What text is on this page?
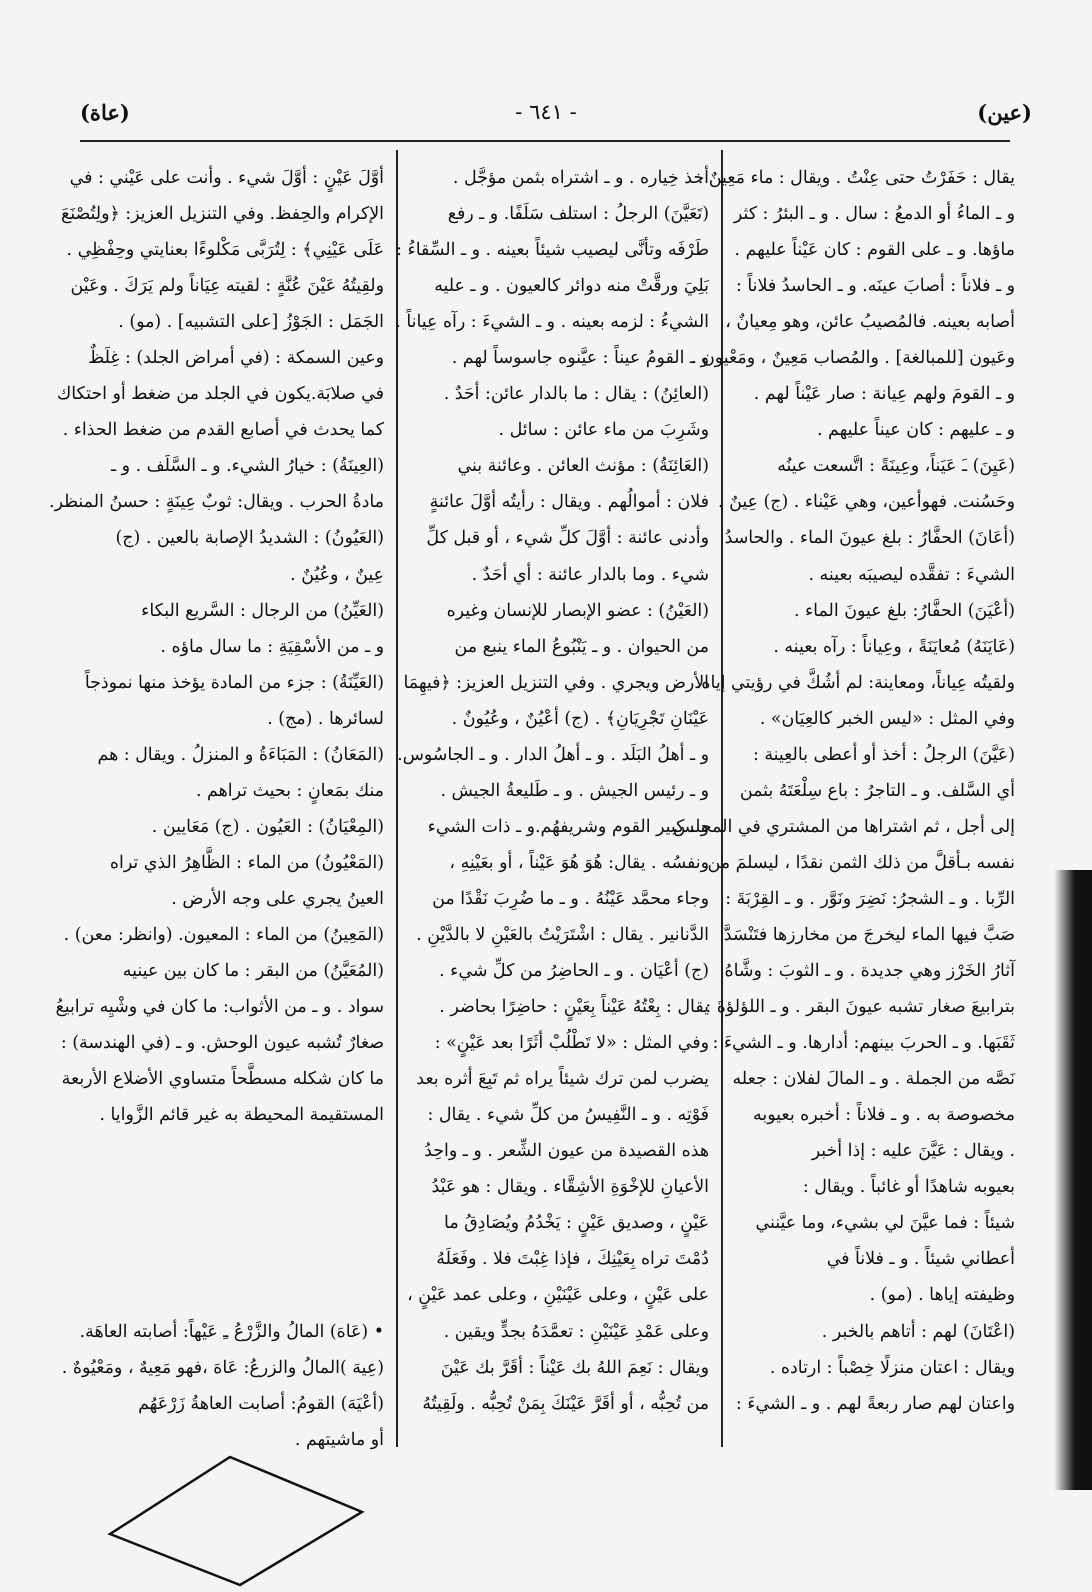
(عين)
- ٦٤١ -
(عاة)
يقال : حَفَرْتُ حتى عِنْتُ . ويقال : ماء مَعِينٌ .
و ـ الماءُ أو الدمعُ : سال . و ـ البئرُ : كثر
ماؤها. و ـ على القوم : كان عَيْناً عليهم .
و ـ فلاناً : أصابَ عينَه. و ـ الحاسدُ فلاناً :
أصابه بعينه. فالمُصيبُ عائن، وهو مِعيانٌ ،
وعَيون [للمبالغة] . والمُصاب مَعِينٌ ، ومَعْيون .
و ـ القومَ ولهم عِيانة : صار عَيْناً لهم .
و ـ عليهم : كان عيناً عليهم .
(عَيِنَ) ـَ عَيَناً، وعِينَةً : اتَّسعت عينُه
وحَسُنت. فهوأعين، وهي عَيْناء . (ج) عِينٌ .
(أعَانَ) الحفَّارُ : بلغ عيونَ الماء . والحاسدُ
الشيءَ : تفقَّده ليصيبَه بعينه .
(أعْيَنَ) الحفَّارُ: بلغ عيونَ الماء .
(عَايَنَهُ) مُعايَنَةً ، وعِياناً : رآه بعينه .
ولقيتُه عِياناً، ومعاينة: لم أشُكَّ في رؤيتي إياه.
وفي المثل : «ليس الخبر كالعِيَان» .
(عَيَّنَ) الرجلُ : أخذ أو أعطى بالعِينة :
أي السَّلف. و ـ التاجرُ : باع سِلْعَتَهُ بثمن
إلى أجل ، ثم اشتراها من المشتري في المجلس
نفسه بـأقلَّ من ذلك الثمن نقدًا ، ليسلمَ من
الرِّبا . و ـ الشجرُ: نَضِرَ ونَوَّر . و ـ القِرْبَةَ :
صَبَّ فيها الماء ليخرجَ من مخارزها فتَنْسَدَّ
آثارُ الخَرْز وهي جديدة . و ـ الثوبَ : وشَّاهُ
بترابيعَ صغار تشبه عيونَ البقر . و ـ اللؤلؤةَ :
ثَقَبَها. و ـ الحربَ بينهم: أدارها. و ـ الشيءَ :
نَصَّه من الجملة . و ـ المالَ لفلان : جعله
مخصوصة به . و ـ فلاناً : أخبره بعيوبه
. ويقال : عَيَّنَ عليه : إذا أخبر
بعيوبه شاهدًا أو غائباً . ويقال :
شيئاً : فما عيَّنَ لي بشيء، وما عيَّنني
أعطاني شيئاً . و ـ فلاناً في
وظيفته إياها . (مو) .
(اعْتَانَ) لهم : أتاهم بالخبر .
ويقال : اعتان منزلًا خِصْباً : ارتاده .
واعتان لهم صار ربعةً لهم . و ـ الشيءَ :
أخذ خِياره . و ـ اشتراه بثمن مؤجَّل .
(تَعَيَّنَ) الرجلُ : استلف سَلَفًا. و ـ رفع
طَرْفَه وتأنَّى ليصيب شيئاً بعينه . و ـ السِّقاءُ :
بَلِيَ ورقَّتْ منه دوائر كالعيون . و ـ عليه
الشيءُ : لزمه بعينه . و ـ الشيءَ : رآه عِياناً .
و ـ القومُ عيناً : عيَّنوه جاسوساً لهم .
(العائِنُ) : يقال : ما بالدار عائن: أحَدٌ .
وشَرِبَ من ماء عائن : سائل .
(العَائِنَةُ) : مؤنث العائن . وعائنة بني
فلان : أموالُهم . ويقال : رأيتُه أوَّلَ عائنةٍ
وأدنى عائنة : أوَّلَ كلِّ شيء ، أو قبل كلِّ
شيء . وما بالدار عائنة : أي أحَدٌ .
(العَيْنُ) : عضو الإبصار للإنسان وغيره
من الحيوان . و ـ يَنْبُوعُ الماء ينبع من
الأرض ويجري . وفي التنزيل العزيز: ﴿فيهِمَا
عَيْنَانِ تَجْرِيَانِ﴾ . (ج) أعْيُنٌ ، وعُيُونٌ .
و ـ أهلُ البَلَد . و ـ أهلُ الدار . و ـ الجاسُوس.
و ـ رئيس الجيش . و ـ طَليعةُ الجيش .
و ـ كبير القوم وشريفهُم.و ـ ذات الشيء
ونفسُه . يقال: هُوَ هُوَ عَيْناً ، أو بعَيْنِهِ ،
وجاء محمَّد عَيْنُهُ . و ـ ما ضُرِبَ نَقْدًا من
الدَّنانير . يقال : اشْتَرَيْتُ بالعَيْنِ لا بالدَّيْنِ .
(ج) أعْيَان . و ـ الحاضِرُ من كلِّ شيء .
يقال : بِعْتُهُ عَيْناً بِعَيْنٍ : حاضِرًا بحاضر .
وفي المثل : «لا تَطْلُبْ أثَرًا بعد عَيْنٍ» :
يضرب لمن ترك شيئاً يراه ثم تَبِعَ أثره بعد
فَوْتِه . و ـ النَّفِيسُ من كلِّ شيء . يقال :
هذه القصيدة من عيون الشِّعر . و ـ واحِدُ
الأعيانِ للإخْوَةِ الأشِقَّاء . ويقال : هو عَبْدُ
عَيْنٍ ، وصديق عَيْنٍ : يَخْدُمُ ويُصَادِقُ ما
دُمْتَ تراه بِعَيْنِكَ ، فإذا غِبْتَ فلا . وفَعَلَهُ
على عَيْنٍ ، وعلى عَيْنَيْنِ ، وعلى عمد عَيْنٍ ،
وعلى عَمْدِ عَيْنَيْنِ : تعمَّدَهُ بجدٍّ ويقين .
ويقال : نَعِمَ اللهُ بك عَيْناً : أقَرَّ بك عَيْنَ
من تُحِبُّه ، أو أقَرَّ عَيْنَكَ بِمَنْ تُحِبُّه . ولَقِيتُهُ
أوَّلَ عَيْنٍ : أوَّلَ شيء . وأنت على عَيْني : في
الإكرام والحِفظ. وفي التنزيل العزيز: ﴿ولِتُصْنَعَ
عَلَى عَيْنِي﴾ : لِتُرَبَّى مَكْلوءًا بعنايتي وحِفْظِي .
ولقِيتُهُ عَيْنَ عُنَّةٍ : لقيته عِيَاناً ولم يَرَكَ . وعَيْن
الجَمَل : الجَوْزُ [على التشبيه] . (مو) .
وعين السمكة : (في أمراض الجلد) : غِلَظٌ
في صلابَة.يكون في الجلد من ضغط أو احتكاك
كما يحدث في أصابع القدم من ضغط الحذاء .
(العِينَةُ) : خيارُ الشيء. و ـ السَّلَف . و ـ
مادةُ الحرب . ويقال: ثوبٌ عِينَةٍ : حسنُ المنظر.
(العَيُونُ) : الشديدُ الإصابة بالعين . (ج)
عِينٌ ، وعُيُنٌ .
(العَيِّنُ) من الرجال : السَّريع البكاء
و ـ من الأسْقِيَةِ : ما سال ماؤه .
(العَيِّنَةُ) : جزء من المادة يؤخذ منها نموذجاً
لسائرها . (مج) .
(المَعَانُ) : المَبَاءَةُ و المنزلُ . ويقال : هم
منك بمَعانٍ : بحيث تراهم .
(المِعْيَانُ) : العَيُون . (ج) مَعَايين .
(المَعْيُونُ) من الماء : الظَّاهِرُ الذي تراه
العينُ يجري على وجه الأرض .
(المَعِينُ) من الماء : المعيون. (وانظر: معن) .
(المُعَيَّنُ) من البقر : ما كان بين عينيه
سواد . و ـ من الأثواب: ما كان في وشْيِه ترابيعُ
صغارٌ تُشبه عيون الوحش. و ـ (في الهندسة) :
ما كان شكله مسطَّحاً متساوي الأضلاع الأربعة
المستقيمة المحيطة به غير قائم الزَّوايا .
• (عَاهَ) المالُ والزَّرْعُ ـِ عَيْهاً: أصابته العاهَة.
(عِيهَ )المالُ والزرعُ: عَاهَ ،فهو مَعِيهٌ ، ومَعْيُوهٌ .
(أعْيَهَ) القومُ: أصابت العاهةُ زَرْعَهُم
أو ماشيتهم .
